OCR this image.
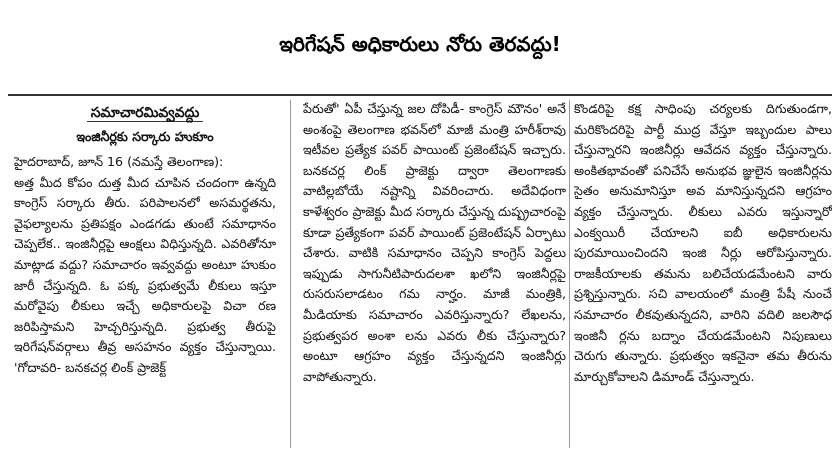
ఇరిగేషన్ అధికారులు నోరు తెరవద్దు!
సమాచారమివ్వవద్దు
ఇంజినీర్లకు సర్కారు హుకూం

హైదరాబాద్, జూన్ 16 (నమస్తే తెలంగాణ):

అత్త మీద కోపం దుత్త మీద చూపిన చందంగా ఉన్నది కాంగ్రెస్ సర్కారు తీరు. పరిపాలనలో అసమర్థతను, వైఫల్యాలను ప్రతిపక్షం ఎండగడు తుంటే సమాధానం చెప్పలేక.. ఇంజినీర్లపై ఆంక్షలు విధిస్తున్నది. ఎవరితోనూ మాట్లాడ వద్దు? సమాచారం ఇవ్వవద్దు అంటూ హుకుం జారీ చేస్తున్నది. ఓ పక్క ప్రభుత్వమే లీకులు ఇస్తూ మరోవైపు లీకులు ఇచ్చే అధికారులపై విచా రణ జరిపిస్తామని హెచ్చరిస్తున్నది. ప్రభుత్వ తీరుపై ఇరిగేషన్‌వర్గాలు తీవ్ర అసహనం వ్యక్తం చేస్తున్నాయి. 'గోదావరి- బనకచర్ల లింక్ ప్రాజెక్ట్

పేరుతో' ఏపీ చేస్తున్న జల దోపిడీ- కాంగ్రెస్ మౌనం' అనే అంశంపై తెలంగాణ భవన్‌లో మాజీ మంత్రి హరీశ్‌రావు ఇటీవల ప్రత్యేక పవర్ పాయింట్ ప్రజెంటేషన్ ఇచ్చారు. బనకచర్ల లింక్ ప్రాజెక్టు ద్వారా తెలంగాణకు వాటిల్లబోయే నష్టాన్ని వివరించారు. అదేవిధంగా కాళేశ్వరం ప్రాజెక్టు మీద సర్కారు చేస్తున్న దుష్ప్రచారంపై కూడా ప్రత్యేకంగా పవర్ పాయింట్ ప్రజెంటేషన్ ఏర్పాటు చేశారు. వాటికి సమాధానం చెప్పని కాంగ్రెస్ పెద్దలు ఇప్పుడు సాగునీటిపారుదలశా ఖలోని ఇంజినీర్లపై రుసరుసలాడటం గమ నార్హం. మాజీ మంత్రికి, మీడియాకు సమాచారం ఎవరిస్తున్నారు? లేఖలను, ప్రభుత్వపర అంశా లను ఎవరు లీకు చేస్తున్నారు? అంటూ ఆగ్రహం వ్యక్తం చేస్తున్నదని ఇంజినీర్లు వాపోతున్నారు.

కొండరిపై కక్ష సాధింపు చర్యలకు దిగుతుండగా, మరికొందరిపై పార్టీ ముద్ర వేస్తూ ఇబ్బందుల పాలు చేస్తున్నారని ఇంజినీర్లు ఆవేదన వ్యక్తం చేస్తున్నారు. అంకితభావంతో పనిచేసే అనుభవ జ్ఞులైన ఇంజినీర్లను సైతం అనుమానిస్తూ అవ మానిస్తున్నదని ఆగ్రహం వ్యక్తం చేస్తున్నారు. లీకులు ఎవరు ఇస్తున్నారో ఎంక్వయిరీ చేయాలని ఐబీ అధికారులను పురమాయించిందని ఇంజి నీర్లు ఆరోపిస్తున్నారు. రాజకీయాలకు తమను బలిచేయడమేంటని వారు ప్రశ్నిస్తున్నారు. సచి వాలయంలో మంత్రి పేషీ నుంచే సమాచారం లీకవుతున్నదని, వారిని వదిలి జలసౌధ ఇంజినీ ర్లను బద్నాం చేయడమేంటని నిపుణులు చెరుగు తున్నారు. ప్రభుత్వం ఇకనైనా తమ తీరును మార్చుకోవాలని డిమాండ్ చేస్తున్నారు.
